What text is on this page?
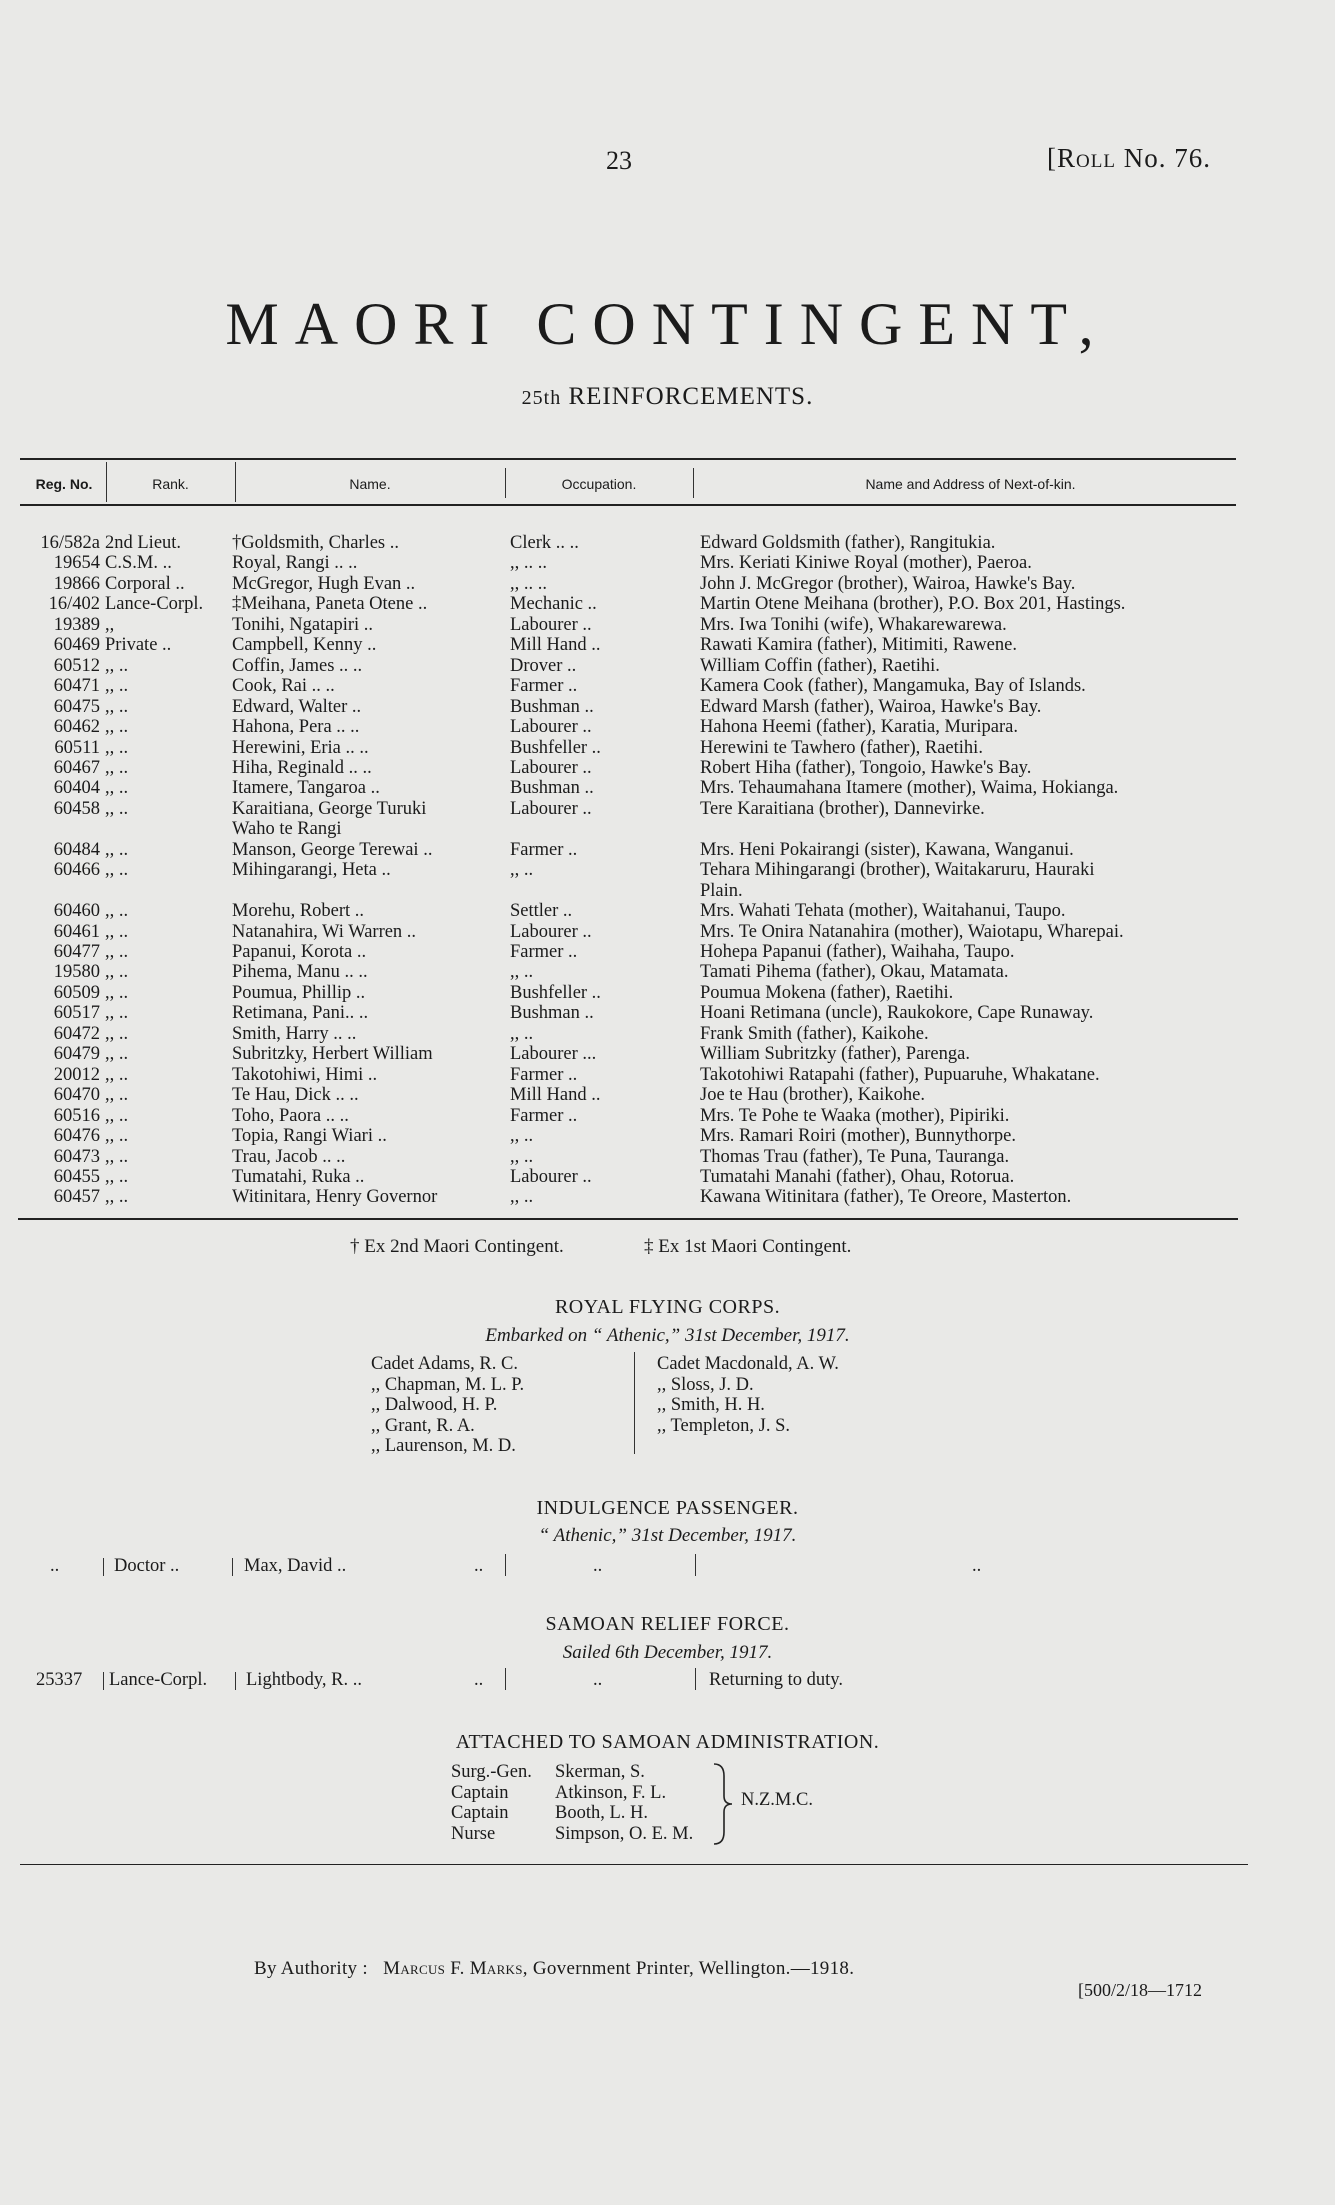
23	[Roll No. 76.
MAORI CONTINGENT,
25th REINFORCEMENTS.
Reg. No.	Rank.	Name.	Occupation.	Name and Address of Next-of-kin.
16/582a 2nd Lieut.	†Goldsmith, Charles ..	Clerk .. ..	Edward Goldsmith (father), Rangitukia.
19654 C.S.M. ..	Royal, Rangi .. ..	,, .. ..	Mrs. Keriati Kiniwe Royal (mother), Paeroa.
19866 Corporal ..	McGregor, Hugh Evan ..	,, .. ..	John J. McGregor (brother), Wairoa, Hawke's Bay.
16/402 Lance-Corpl. ‡Meihana, Paneta Otene ..	Mechanic ..	Martin Otene Meihana (brother), P.O. Box 201, Hastings.
19389 ,,	Tonihi, Ngatapiri ..	Labourer ..	Mrs. Iwa Tonihi (wife), Whakarewarewa.
60469 Private ..	Campbell, Kenny ..	Mill Hand ..	Rawati Kamira (father), Mitimiti, Rawene.
60512 ,, ..	Coffin, James .. ..	Drover ..	William Coffin (father), Raetihi.
60471 ,, ..	Cook, Rai .. ..	Farmer ..	Kamera Cook (father), Mangamuka, Bay of Islands.
60475 ,, ..	Edward, Walter ..	Bushman ..	Edward Marsh (father), Wairoa, Hawke's Bay.
60462 ,, ..	Hahona, Pera .. ..	Labourer ..	Hahona Heemi (father), Karatia, Muripara.
60511 ,, ..	Herewini, Eria .. ..	Bushfeller ..	Herewini te Tawhero (father), Raetihi.
60467 ,, ..	Hiha, Reginald .. ..	Labourer ..	Robert Hiha (father), Tongoio, Hawke's Bay.
60404 ,, ..	Itamere, Tangaroa ..	Bushman ..	Mrs. Tehaumahana Itamere (mother), Waima, Hokianga.
60458 ,, ..	Karaitiana, George Turuki	Labourer ..	Tere Karaitiana (brother), Dannevirke.
Waho te Rangi
60484 ,, ..	Manson, George Terewai ..	Farmer ..	Mrs. Heni Pokairangi (sister), Kawana, Wanganui.
60466 ,, ..	Mihingarangi, Heta ..	,, ..	Tehara Mihingarangi (brother), Waitakaruru, Hauraki
Plain.
60460 ,, ..	Morehu, Robert ..	Settler ..	Mrs. Wahati Tehata (mother), Waitahanui, Taupo.
60461 ,, ..	Natanahira, Wi Warren ..	Labourer ..	Mrs. Te Onira Natanahira (mother), Waiotapu, Wharepai.
60477 ,, ..	Papanui, Korota ..	Farmer ..	Hohepa Papanui (father), Waihaha, Taupo.
19580 ,, ..	Pihema, Manu .. ..	,, ..	Tamati Pihema (father), Okau, Matamata.
60509 ,, ..	Poumua, Phillip ..	Bushfeller ..	Poumua Mokena (father), Raetihi.
60517 ,, ..	Retimana, Pani.. ..	Bushman ..	Hoani Retimana (uncle), Raukokore, Cape Runaway.
60472 ,, ..	Smith, Harry .. ..	,, ..	Frank Smith (father), Kaikohe.
60479 ,, ..	Subritzky, Herbert William	Labourer ...	William Subritzky (father), Parenga.
20012 ,, ..	Takotohiwi, Himi ..	Farmer ..	Takotohiwi Ratapahi (father), Pupuaruhe, Whakatane.
60470 ,, ..	Te Hau, Dick .. ..	Mill Hand ..	Joe te Hau (brother), Kaikohe.
60516 ,, ..	Toho, Paora .. ..	Farmer ..	Mrs. Te Pohe te Waaka (mother), Pipiriki.
60476 ,, ..	Topia, Rangi Wiari ..	,, ..	Mrs. Ramari Roiri (mother), Bunnythorpe.
60473 ,, ..	Trau, Jacob .. ..	,, ..	Thomas Trau (father), Te Puna, Tauranga.
60455 ,, ..	Tumatahi, Ruka ..	Labourer ..	Tumatahi Manahi (father), Ohau, Rotorua.
60457 ,, ..	Witinitara, Henry Governor	,, ..	Kawana Witinitara (father), Te Oreore, Masterton.
† Ex 2nd Maori Contingent.	‡ Ex 1st Maori Contingent.
ROYAL FLYING CORPS.
Embarked on “ Athenic,” 31st December, 1917.
Cadet Adams, R. C.
,, Chapman, M. L. P.
,, Dalwood, H. P.
,, Grant, R. A.
,, Laurenson, M. D.
Cadet Macdonald, A. W.
,, Sloss, J. D.
,, Smith, H. H.
,, Templeton, J. S.
INDULGENCE PASSENGER.
“ Athenic,” 31st December, 1917.
..	Doctor ..	Max, David ..	..	..	..
SAMOAN RELIEF FORCE.
Sailed 6th December, 1917.
25337 Lance-Corpl. Lightbody, R. ..	..	..	Returning to duty.
ATTACHED TO SAMOAN ADMINISTRATION.
Surg.-Gen. Skerman, S.
Captain	Atkinson, F. L.
Captain	Booth, L. H.
Nurse	Simpson, O. E. M.
N.Z.M.C.
By Authority : Marcus F. Marks, Government Printer, Wellington.—1918.
[500/2/18—1712
